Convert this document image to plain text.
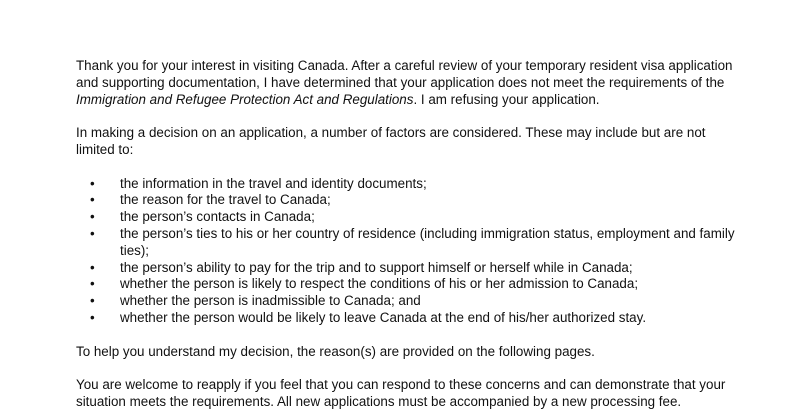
Thank you for your interest in visiting Canada. After a careful review of your temporary resident visa application and supporting documentation, I have determined that your application does not meet the requirements of the Immigration and Refugee Protection Act and Regulations. I am refusing your application.

In making a decision on an application, a number of factors are considered. These may include but are not limited to:

• the information in the travel and identity documents;
• the reason for the travel to Canada;
• the person’s contacts in Canada;
• the person’s ties to his or her country of residence (including immigration status, employment and family ties);
• the person’s ability to pay for the trip and to support himself or herself while in Canada;
• whether the person is likely to respect the conditions of his or her admission to Canada;
• whether the person is inadmissible to Canada; and
• whether the person would be likely to leave Canada at the end of his/her authorized stay.

To help you understand my decision, the reason(s) are provided on the following pages.

You are welcome to reapply if you feel that you can respond to these concerns and can demonstrate that your situation meets the requirements. All new applications must be accompanied by a new processing fee.
